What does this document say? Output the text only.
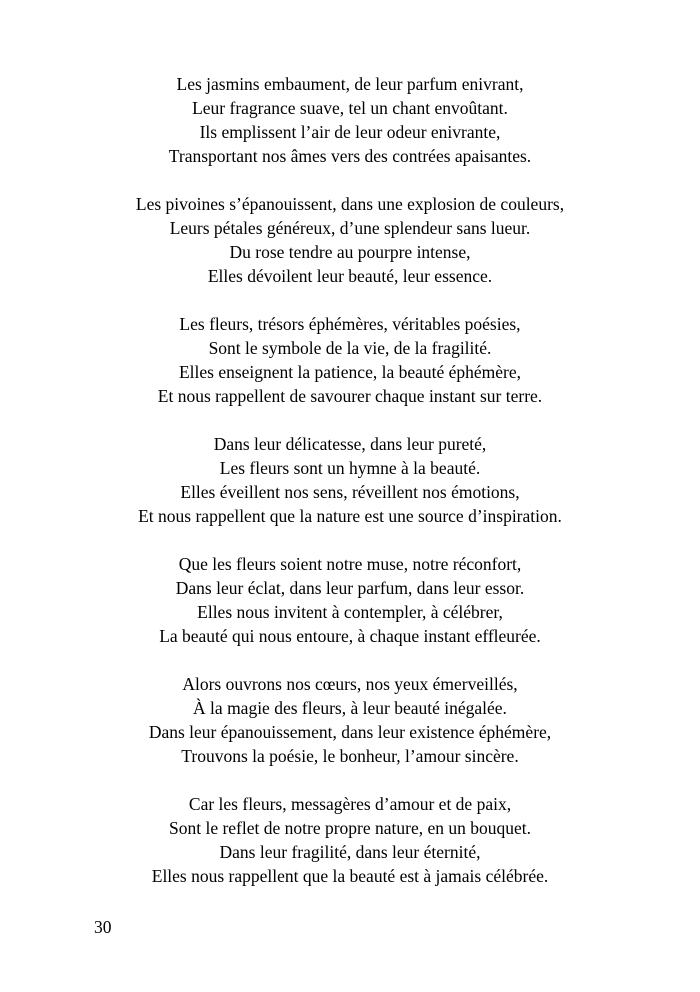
Les jasmins embaument, de leur parfum enivrant,
Leur fragrance suave, tel un chant envoûtant.
Ils emplissent l’air de leur odeur enivrante,
Transportant nos âmes vers des contrées apaisantes.
Les pivoines s’épanouissent, dans une explosion de couleurs,
Leurs pétales généreux, d’une splendeur sans lueur.
Du rose tendre au pourpre intense,
Elles dévoilent leur beauté, leur essence.
Les fleurs, trésors éphémères, véritables poésies,
Sont le symbole de la vie, de la fragilité.
Elles enseignent la patience, la beauté éphémère,
Et nous rappellent de savourer chaque instant sur terre.
Dans leur délicatesse, dans leur pureté,
Les fleurs sont un hymne à la beauté.
Elles éveillent nos sens, réveillent nos émotions,
Et nous rappellent que la nature est une source d’inspiration.
Que les fleurs soient notre muse, notre réconfort,
Dans leur éclat, dans leur parfum, dans leur essor.
Elles nous invitent à contempler, à célébrer,
La beauté qui nous entoure, à chaque instant effleurée.
Alors ouvrons nos cœurs, nos yeux émerveillés,
À la magie des fleurs, à leur beauté inégalée.
Dans leur épanouissement, dans leur existence éphémère,
Trouvons la poésie, le bonheur, l’amour sincère.
Car les fleurs, messagères d’amour et de paix,
Sont le reflet de notre propre nature, en un bouquet.
Dans leur fragilité, dans leur éternité,
Elles nous rappellent que la beauté est à jamais célébrée.
30
